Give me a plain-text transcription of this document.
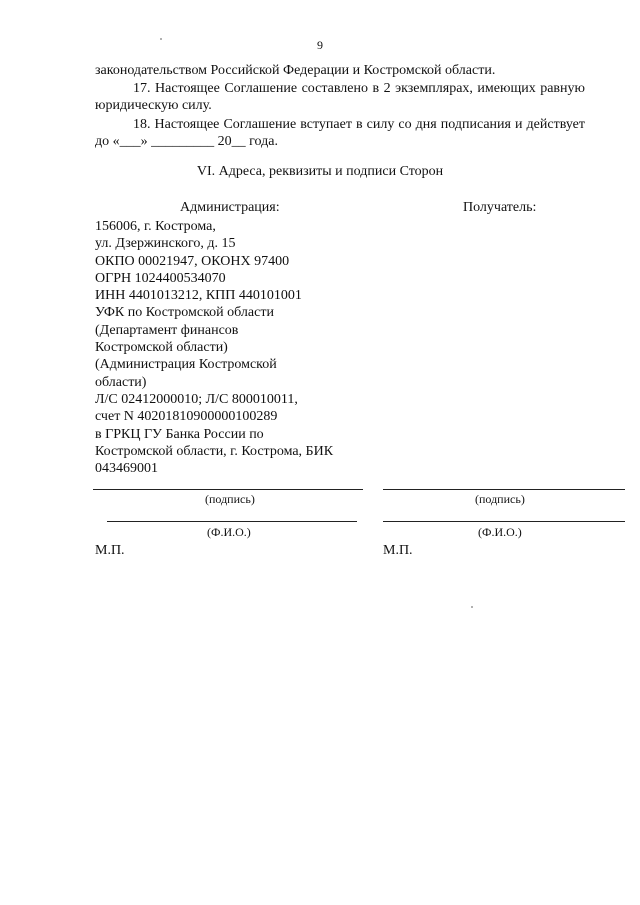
9
законодательством Российской Федерации и Костромской области.
17. Настоящее Соглашение составлено в 2 экземплярах, имеющих равную юридическую силу.
18. Настоящее Соглашение вступает в силу со дня подписания и действует до «___» _________ 20__ года.
VI. Адреса, реквизиты и подписи Сторон
Администрация:	Получатель:
156006, г. Кострома,
ул. Дзержинского, д. 15
ОКПО 00021947, ОКОНХ 97400
ОГРН 1024400534070
ИНН 4401013212, КПП 440101001
УФК по Костромской области
(Департамент финансов
Костромской области)
(Администрация Костромской
области)
Л/С 02412000010; Л/С 800010011,
счет N 40201810900000100289
в ГРКЦ ГУ Банка России по
Костромской области, г. Кострома, БИК
043469001
(подпись)
(Ф.И.О.)
М.П.
(подпись)
(Ф.И.О.)
М.П.
